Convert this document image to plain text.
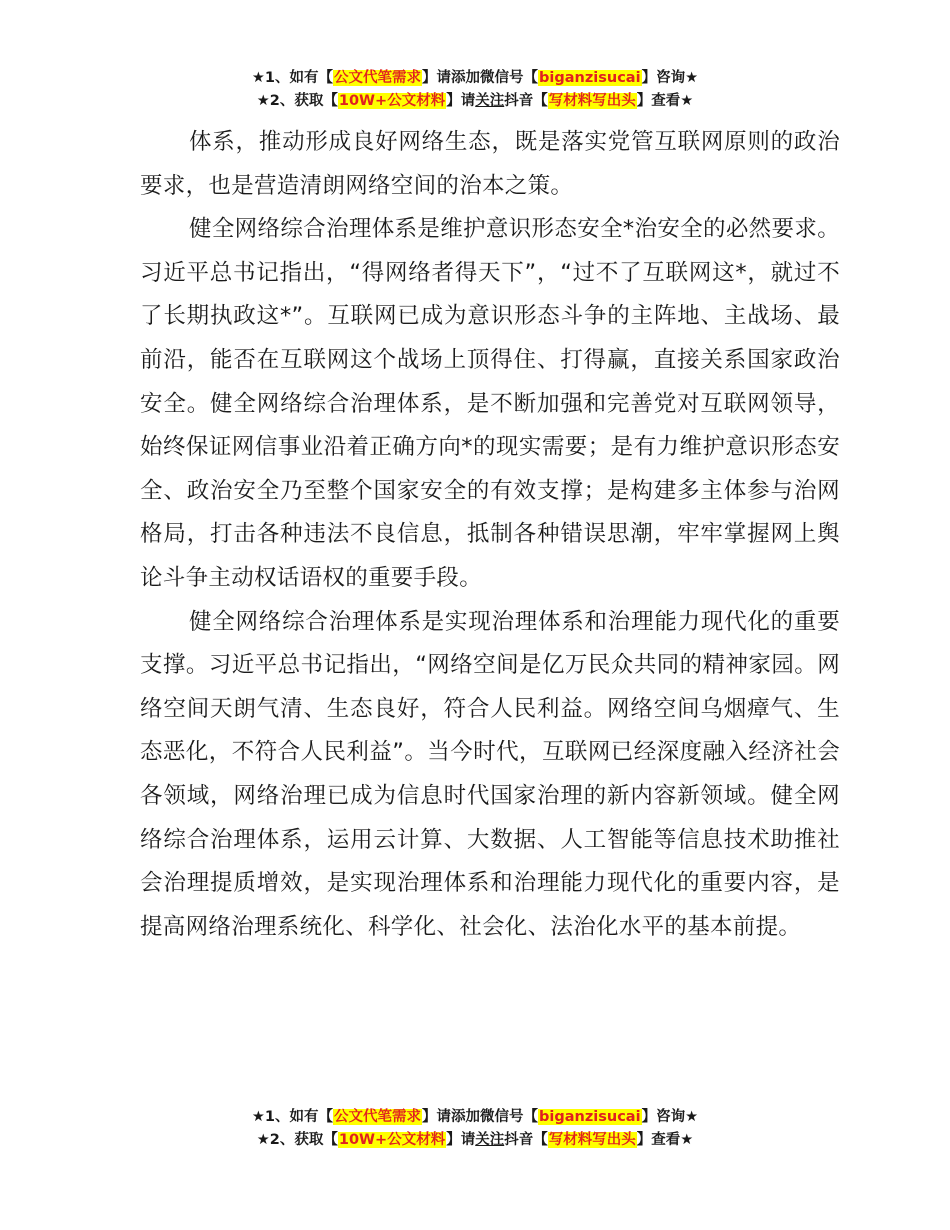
★1、如有【公文代笔需求】请添加微信号【biganzisucai】咨询★
★2、获取【10W+公文材料】请关注抖音【写材料写出头】查看★

体系，推动形成良好网络生态，既是落实党管互联网原则的政治要求，也是营造清朗网络空间的治本之策。

健全网络综合治理体系是维护意识形态安全*治安全的必然要求。习近平总书记指出，“得网络者得天下”，“过不了互联网这*，就过不了长期执政这*”。互联网已成为意识形态斗争的主阵地、主战场、最前沿，能否在互联网这个战场上顶得住、打得赢，直接关系国家政治安全。健全网络综合治理体系，是不断加强和完善党对互联网领导，始终保证网信事业沿着正确方向*的现实需要；是有力维护意识形态安全、政治安全乃至整个国家安全的有效支撑；是构建多主体参与治网格局，打击各种违法不良信息，抵制各种错误思潮，牢牢掌握网上舆论斗争主动权话语权的重要手段。

健全网络综合治理体系是实现治理体系和治理能力现代化的重要支撑。习近平总书记指出，“网络空间是亿万民众共同的精神家园。网络空间天朗气清、生态良好，符合人民利益。网络空间乌烟瘴气、生态恶化，不符合人民利益”。当今时代，互联网已经深度融入经济社会各领域，网络治理已成为信息时代国家治理的新内容新领域。健全网络综合治理体系，运用云计算、大数据、人工智能等信息技术助推社会治理提质增效，是实现治理体系和治理能力现代化的重要内容，是提高网络治理系统化、科学化、社会化、法治化水平的基本前提。

★1、如有【公文代笔需求】请添加微信号【biganzisucai】咨询★
★2、获取【10W+公文材料】请关注抖音【写材料写出头】查看★
